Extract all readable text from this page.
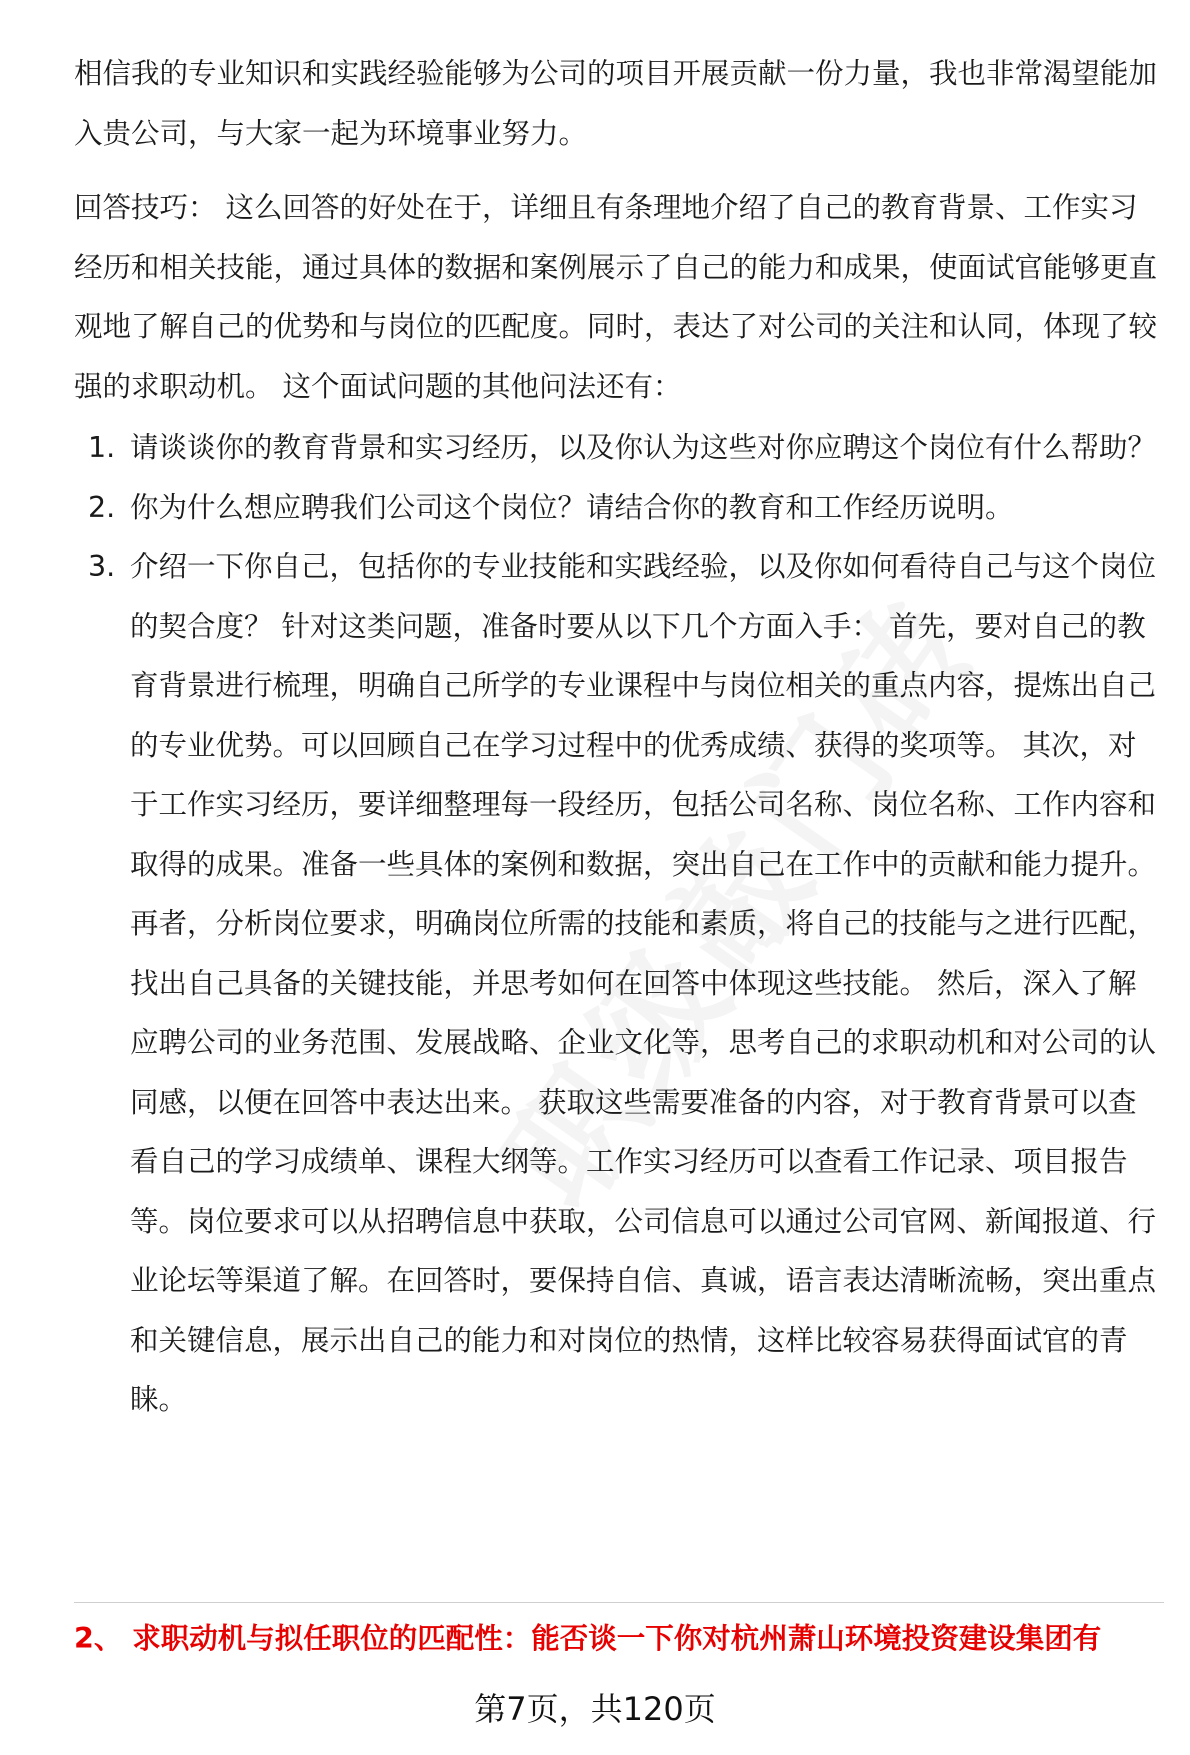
相信我的专业知识和实践经验能够为公司的项目开展贡献一份力量，我也非常渴望能加入贵公司，与大家一起为环境事业努力。

回答技巧： 这么回答的好处在于，详细且有条理地介绍了自己的教育背景、工作实习经历和相关技能，通过具体的数据和案例展示了自己的能力和成果，使面试官能够更直观地了解自己的优势和与岗位的匹配度。同时，表达了对公司的关注和认同，体现了较强的求职动机。 这个面试问题的其他问法还有：

1. 请谈谈你的教育背景和实习经历，以及你认为这些对你应聘这个岗位有什么帮助？
2. 你为什么想应聘我们公司这个岗位？请结合你的教育和工作经历说明。
3. 介绍一下你自己，包括你的专业技能和实践经验，以及你如何看待自己与这个岗位的契合度？ 针对这类问题，准备时要从以下几个方面入手： 首先，要对自己的教育背景进行梳理，明确自己所学的专业课程中与岗位相关的重点内容，提炼出自己的专业优势。可以回顾自己在学习过程中的优秀成绩、获得的奖项等。 其次，对于工作实习经历，要详细整理每一段经历，包括公司名称、岗位名称、工作内容和取得的成果。准备一些具体的案例和数据，突出自己在工作中的贡献和能力提升。 再者，分析岗位要求，明确岗位所需的技能和素质，将自己的技能与之进行匹配，找出自己具备的关键技能，并思考如何在回答中体现这些技能。 然后，深入了解应聘公司的业务范围、发展战略、企业文化等，思考自己的求职动机和对公司的认同感，以便在回答中表达出来。 获取这些需要准备的内容，对于教育背景可以查看自己的学习成绩单、课程大纲等。工作实习经历可以查看工作记录、项目报告等。岗位要求可以从招聘信息中获取，公司信息可以通过公司官网、新闻报道、行业论坛等渠道了解。在回答时，要保持自信、真诚，语言表达清晰流畅，突出重点和关键信息，展示出自己的能力和对岗位的热情，这样比较容易获得面试官的青睐。
2、 求职动机与拟任职位的匹配性：能否谈一下你对杭州萧山环境投资建设集团有
第7页，共120页
